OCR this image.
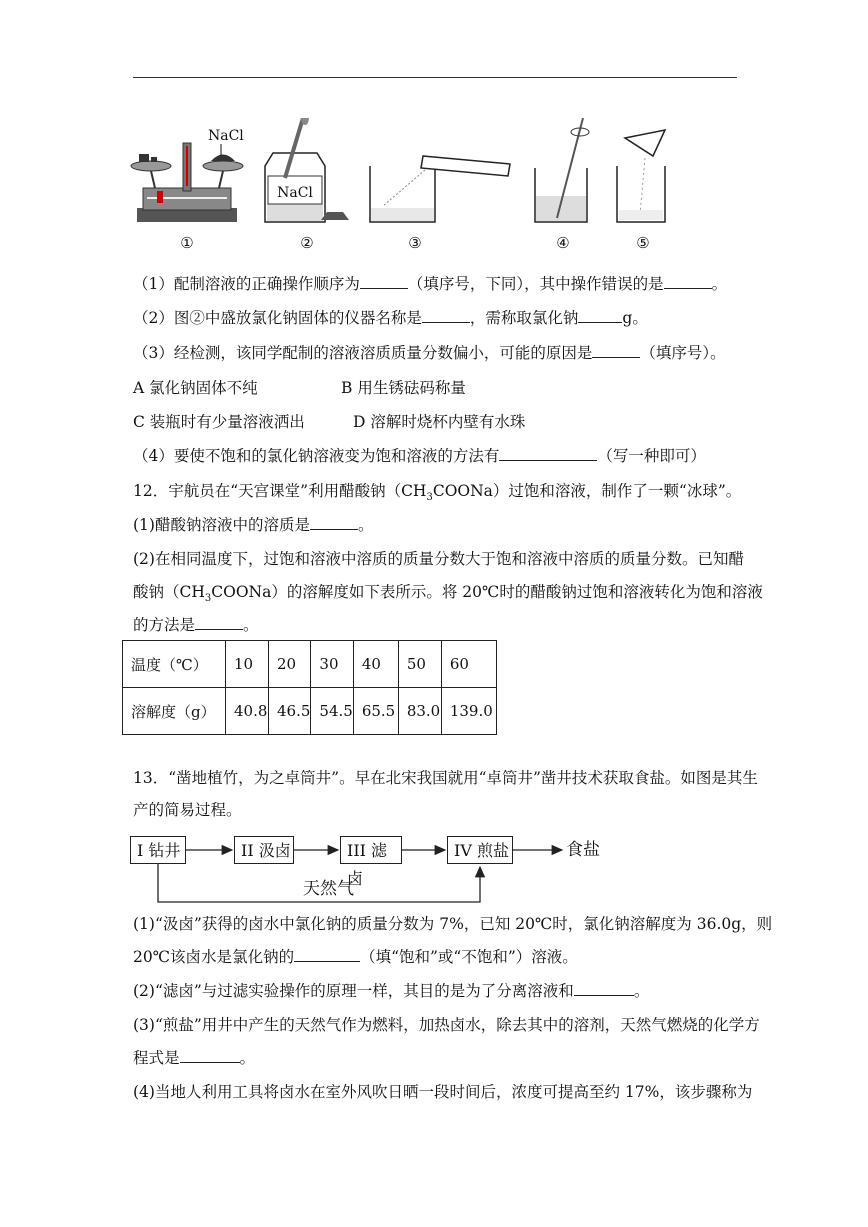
NaCl
①
NaCl
②	③	④	⑤
（1）配制溶液的正确操作顺序为	（填序号，下同），其中操作错误的是	。
（2）图②中盛放氯化钠固体的仪器名称是	，需称取氯化钠	g。
（3）经检测，该同学配制的溶液溶质质量分数偏小，可能的原因是	（填序号）。
A 氯化钠固体不纯	B 用生锈砝码称量
C 装瓶时有少量溶液洒出	D 溶解时烧杯内壁有水珠
（4）要使不饱和的氯化钠溶液变为饱和溶液的方法有	（写一种即可）
12．宇航员在“天宫课堂”利用醋酸钠$(CH_3COONa)$过饱和溶液，制作了一颗“冰球”。
(1)醋酸钠溶液中的溶质是	。
(2)在相同温度下，过饱和溶液中溶质的质量分数大于饱和溶液中溶质的质量分数。已知醋
酸钠$(CH_3COONa)$的溶解度如下表所示。将 20℃时的醋酸钠过饱和溶液转化为饱和溶液
的方法是	。
温度（℃）	10	20	30	40	50	60
溶解度（g）	40.8	46.5	54.5	65.5	83.0	139.0
13．“凿地植竹，为之卓筒井”。早在北宋我国就用“卓筒井”凿井技术获取食盐。如图是其生
产的简易过程。
I 钻井	II 汲卤	III 滤卤
IV 煎盐	食盐
天然气
(1)“汲卤”获得的卤水中氯化钠的质量分数为 7%，已知 20℃时，氯化钠溶解度为 36.0g，则
20℃该卤水是氯化钠的	（填“饱和”或“不饱和”）溶液。
(2)“滤卤”与过滤实验操作的原理一样，其目的是为了分离溶液和	。
(3)“煎盐”用井中产生的天然气作为燃料，加热卤水，除去其中的溶剂，天然气燃烧的化学方
程式是	。
(4)当地人利用工具将卤水在室外风吹日晒一段时间后，浓度可提高至约 17%，该步骤称为
